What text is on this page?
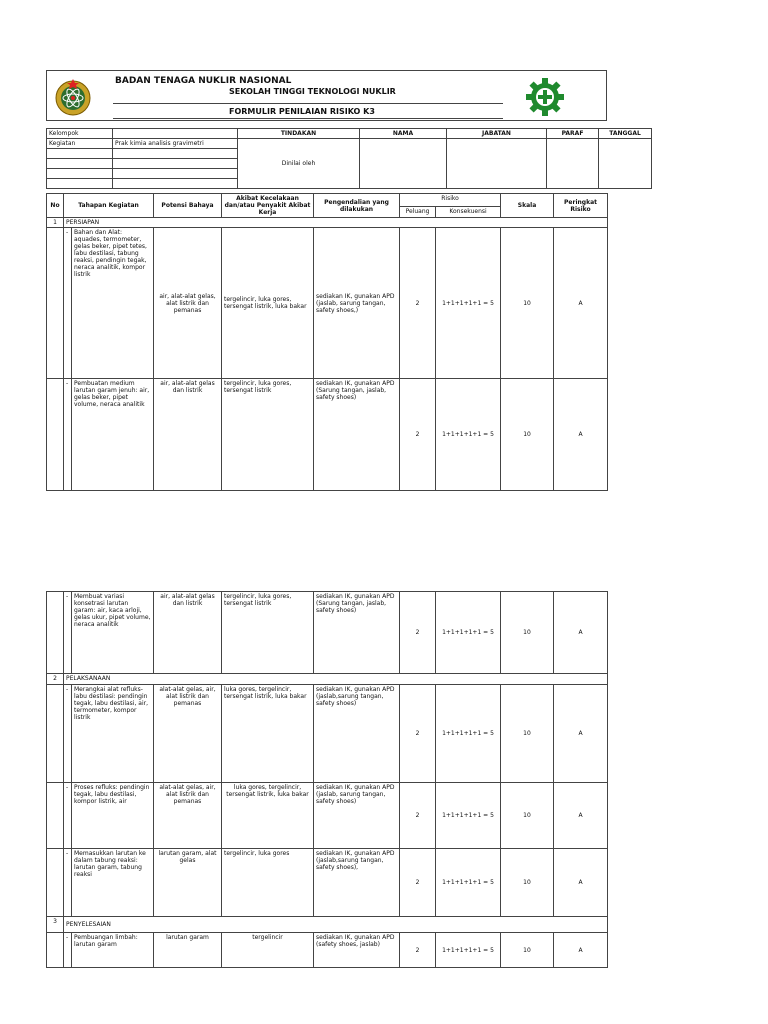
BADAN TENAGA NUKLIR NASIONAL
SEKOLAH TINGGI TEKNOLOGI NUKLIR
FORMULIR PENILAIAN RISIKO K3
Kelompok		TINDAKAN	NAMA	JABATAN	PARAF	TANGGAL
Kegiatan	Prak kimia analisis gravimetri	Dinilai oleh				

No	Tahapan Kegiatan		Potensi Bahaya	Akibat Kecelakaan dan/atau Penyakit Akibat Kerja	Pengendalian yang dilakukan	Risiko		Skala	Peringkat Risiko
						Peluang	Konsekuensi		
1	PERSIAPAN								
	-	Bahan dan Alat: aquades, termometer, gelas beker, pipet tetes, labu destilasi, tabung reaksi, pendingin tegak, neraca analitik, kompor listrik	air, alat-alat gelas, alat listrik dan pemanas	tergelincir, luka gores, tersengat listrik, luka bakar	sediakan IK, gunakan APD (jaslab, sarung tangan, safety shoes,)	2	1+1+1+1+1 = 5	10	A
	-	Pembuatan medium larutan garam jenuh: air, gelas beker, pipet volume, neraca analitik	air, alat-alat gelas dan listrik	tergelincir, luka gores, tersengat listrik	sediakan IK, gunakan APD (Sarung tangan, jaslab, safety shoes)	2	1+1+1+1+1 = 5	10	A
	-	Membuat variasi konsetrasi larutan garam: air, kaca arloji, gelas ukur, pipet volume, neraca analitik	air, alat-alat gelas dan listrik	tergelincir, luka gores, tersengat listrik	sediakan IK, gunakan APD (Sarung tangan, jaslab, safety shoes)	2	1+1+1+1+1 = 5	10	A
2	PELAKSANAAN								
	-	Merangkai alat refluks-labu destilasi: pendingin tegak, labu destilasi, air, termometer, kompor listrik	alat-alat gelas, air, alat listrik dan pemanas	luka gores, tergelincir, tersengat listrik, luka bakar	sediakan IK, gunakan APD (jaslab,sarung tangan, safety shoes)	2	1+1+1+1+1 = 5	10	A
	-	Proses refluks: pendingin tegak, labu destilasi, kompor listrik, air	alat-alat gelas, air, alat listrik dan pemanas	luka gores, tergelincir, tersengat listrik, luka bakar	sediakan IK, gunakan APD (jaslab, sarung tangan, safety shoes)	2	1+1+1+1+1 = 5	10	A
	-	Memasukkan larutan ke dalam tabung reaksi: larutan garam, tabung reaksi	larutan garam, alat gelas	tergelincir, luka gores	sediakan IK, gunakan APD (jaslab,sarung tangan, safety shoes),	2	1+1+1+1+1 = 5	10	A
3	PENYELESAIAN								
	-	Pembuangan limbah: larutan garam	larutan garam	tergelincir	sediakan IK, gunakan APD (safety shoes, jaslab)	2	1+1+1+1+1 = 5	10	A
